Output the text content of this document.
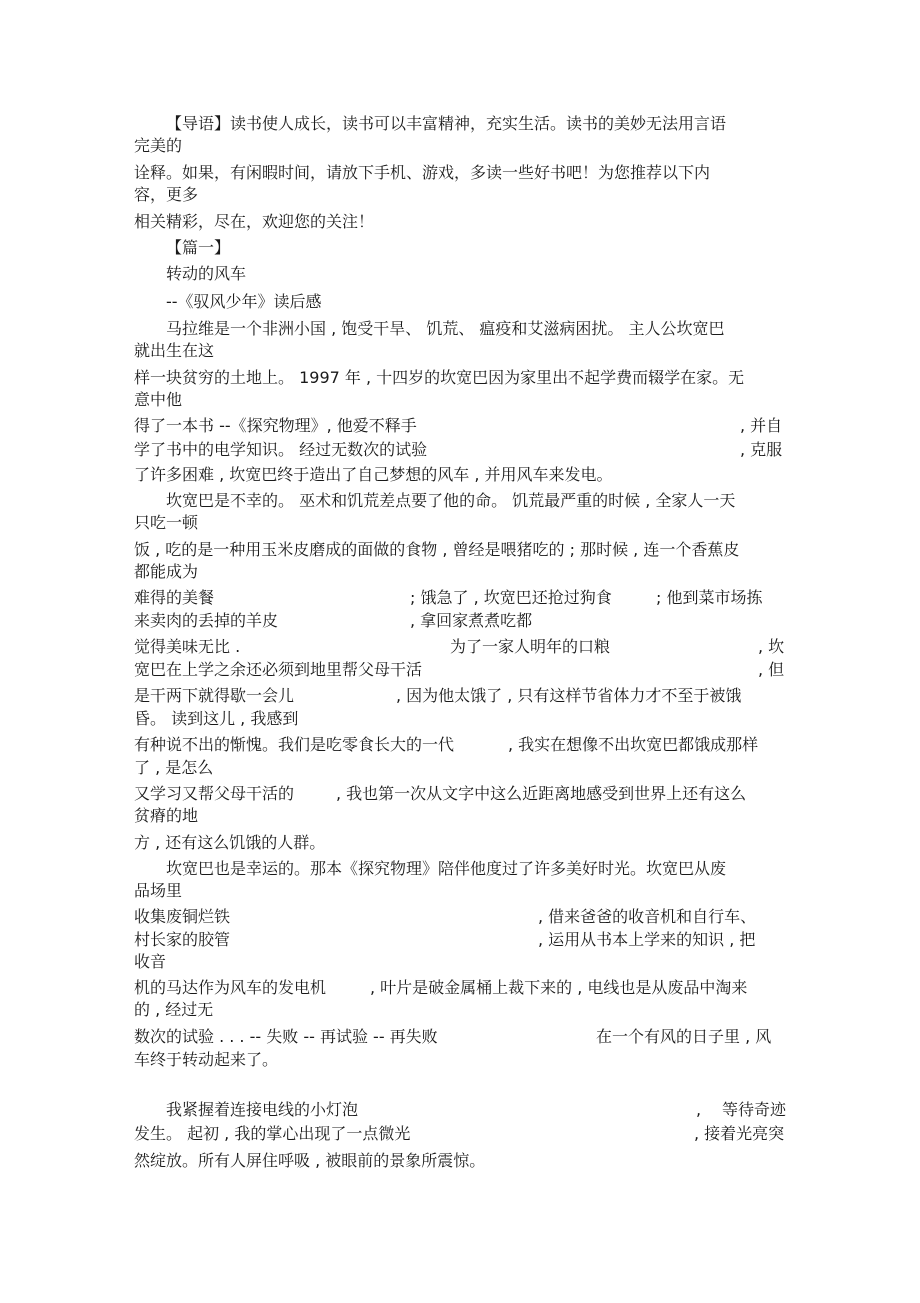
【导语】读书使人成长，读书可以丰富精神，充实生活。读书的美妙无法用言语

完美的

诠释。如果，有闲暇时间，请放下手机、游戏，多读一些好书吧！为您推荐以下内

容，更多

相关精彩，尽在，欢迎您的关注！

【篇一】

转动的风车

--《驭风少年》读后感

马拉维是一个非洲小国 , 饱受干旱、 饥荒、 瘟疫和艾滋病困扰。 主人公坎宽巴

就出生在这

样一块贫穷的土地上。 1997 年 , 十四岁的坎宽巴因为家里出不起学费而辍学在家。无

意中他

得了一本书 --《探究物理》, 他爱不释手	, 并自
学了书中的电学知识。 经过无数次的试验	, 克服

了许多困难 , 坎宽巴终于造出了自己梦想的风车 , 并用风车来发电。

坎宽巴是不幸的。 巫术和饥荒差点要了他的命。 饥荒最严重的时候 , 全家人一天

只吃一顿

饭 , 吃的是一种用玉米皮磨成的面做的食物 , 曾经是喂猪吃的 ; 那时候 , 连一个香蕉皮

都能成为

难得的美餐	; 饿急了 , 坎宽巴还抢过狗食	; 他到菜市场拣
来卖肉的丢掉的羊皮	, 拿回家煮煮吃都
觉得美味无比 .	为了一家人明年的口粮	, 坎
宽巴在上学之余还必须到地里帮父母干活	, 但
是干两下就得歇一会儿	, 因为他太饿了 , 只有这样节省体力才不至于被饿

昏。 读到这儿 , 我感到

有种说不出的惭愧。我们是吃零食长大的一代	, 我实在想像不出坎宽巴都饿成那样

了 , 是怎么

又学习又帮父母干活的	, 我也第一次从文字中这么近距离地感受到世界上还有这么

贫瘠的地

方 , 还有这么饥饿的人群。

坎宽巴也是幸运的。那本《探究物理》陪伴他度过了许多美好时光。坎宽巴从废

品场里

收集废铜烂铁	, 借来爸爸的收音机和自行车、
村长家的胶管	, 运用从书本上学来的知识 , 把

收音

机的马达作为风车的发电机	, 叶片是破金属桶上裁下来的 , 电线也是从废品中淘来

的 , 经过无

数次的试验 . . . -- 失败 -- 再试验 -- 再失败	在一个有风的日子里 , 风

车终于转动起来了。

我紧握着连接电线的小灯泡	, 等待奇迹
发生。 起初 , 我的掌心出现了一点微光	, 接着光亮突

然绽放。所有人屏住呼吸 , 被眼前的景象所震惊。
